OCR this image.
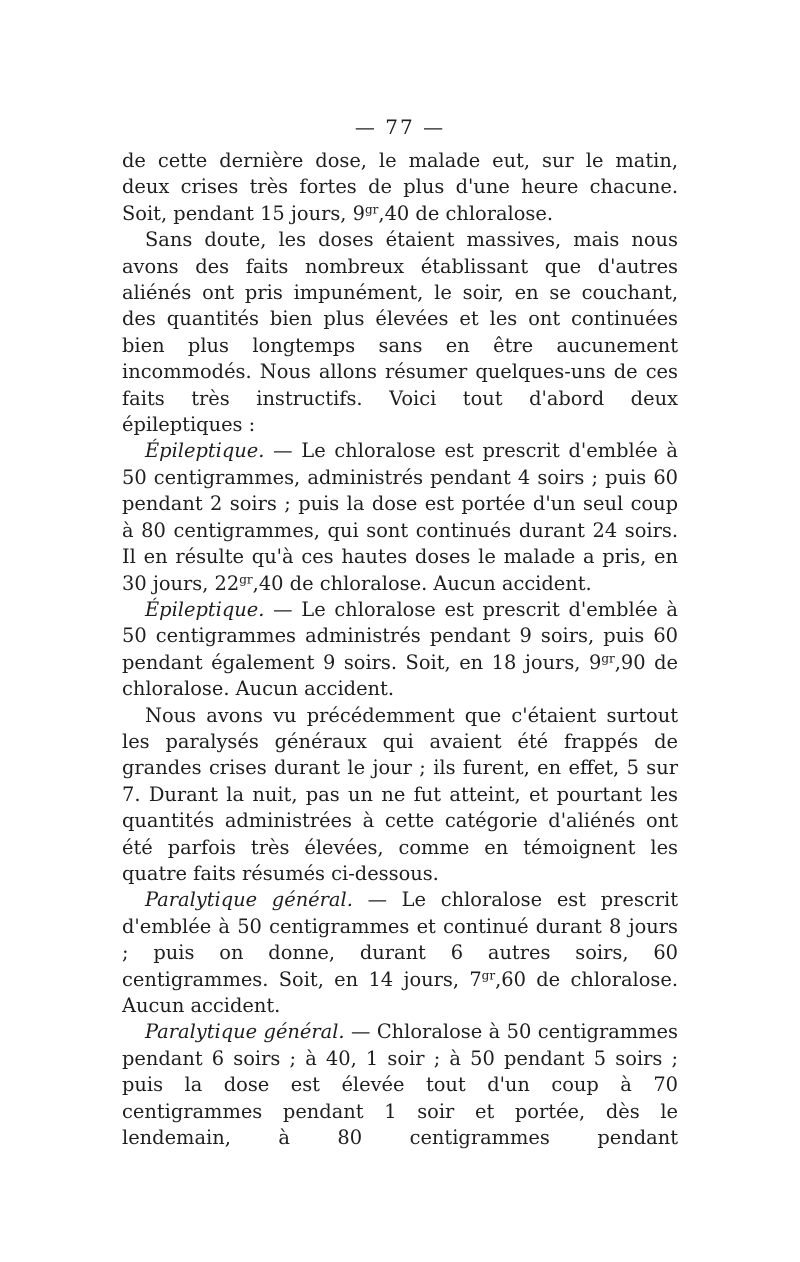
— 77 —

de cette dernière dose, le malade eut, sur le matin, deux crises très fortes de plus d'une heure chacune. Soit, pendant 15 jours, $9^{gr},40$ de chloralose.

Sans doute, les doses étaient massives, mais nous avons des faits nombreux établissant que d'autres aliénés ont pris impunément, le soir, en se couchant, des quantités bien plus élevées et les ont continuées bien plus longtemps sans en être aucunement incommodés. Nous allons résumer quelques-uns de ces faits très instructifs. Voici tout d'abord deux épileptiques :

Épileptique. — Le chloralose est prescrit d'emblée à 50 centigrammes, administrés pendant 4 soirs ; puis 60 pendant 2 soirs ; puis la dose est portée d'un seul coup à 80 centigrammes, qui sont continués durant 24 soirs. Il en résulte qu'à ces hautes doses le malade a pris, en 30 jours, $22^{gr},40$ de chloralose. Aucun accident.

Épileptique. — Le chloralose est prescrit d'emblée à 50 centigrammes administrés pendant 9 soirs, puis 60 pendant également 9 soirs. Soit, en 18 jours, $9^{gr},90$ de chloralose. Aucun accident.

Nous avons vu précédemment que c'étaient surtout les paralysés généraux qui avaient été frappés de grandes crises durant le jour ; ils furent, en effet, 5 sur 7. Durant la nuit, pas un ne fut atteint, et pourtant les quantités administrées à cette catégorie d'aliénés ont été parfois très élevées, comme en témoignent les quatre faits résumés ci-dessous.

Paralytique général. — Le chloralose est prescrit d'emblée à 50 centigrammes et continué durant 8 jours ; puis on donne, durant 6 autres soirs, 60 centigrammes. Soit, en 14 jours, $7^{gr},60$ de chloralose. Aucun accident.

Paralytique général. — Chloralose à 50 centigrammes pendant 6 soirs ; à 40, 1 soir ; à 50 pendant 5 soirs ; puis la dose est élevée tout d'un coup à 70 centigrammes pendant 1 soir et portée, dès le lendemain, à 80 centigrammes pendant
